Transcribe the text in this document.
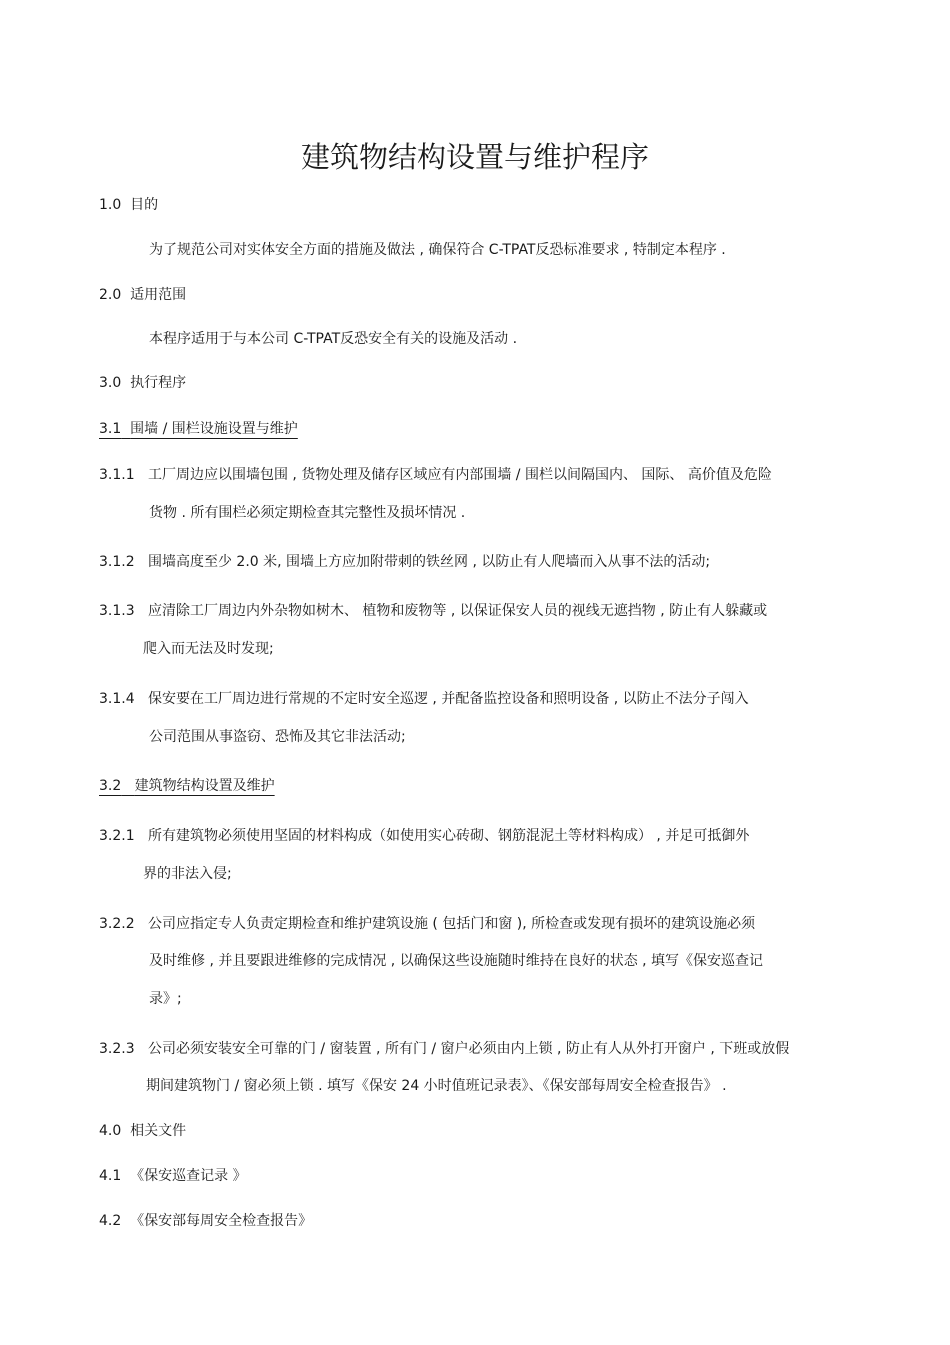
建筑物结构设置与维护程序
1.0 目的
为了规范公司对实体安全方面的措施及做法 , 确保符合 C-TPAT反恐标准要求 , 特制定本程序 .
2.0 适用范围
本程序适用于与本公司 C-TPAT反恐安全有关的设施及活动 .
3.0 执行程序
3.1 围墙 / 围栏设施设置与维护
3.1.1 工厂周边应以围墙包围 , 货物处理及储存区域应有内部围墙 / 围栏以间隔国内、 国际、 高价值及危险
货物 . 所有围栏必须定期检查其完整性及损坏情况 .
3.1.2 围墙高度至少 2.0 米, 围墙上方应加附带刺的铁丝网 , 以防止有人爬墙而入从事不法的活动;
3.1.3 应清除工厂周边内外杂物如树木、 植物和废物等 , 以保证保安人员的视线无遮挡物 , 防止有人躲藏或
爬入而无法及时发现;
3.1.4 保安要在工厂周边进行常规的不定时安全巡逻 , 并配备监控设备和照明设备 , 以防止不法分子闯入
公司范围从事盗窃、恐怖及其它非法活动;
3.2 建筑物结构设置及维护
3.2.1 所有建筑物必须使用坚固的材料构成（如使用实心砖砌、钢筋混泥土等材料构成） , 并足可抵御外
界的非法入侵;
3.2.2 公司应指定专人负责定期检查和维护建筑设施 ( 包括门和窗 ), 所检查或发现有损坏的建筑设施必须
及时维修 , 并且要跟进维修的完成情况 , 以确保这些设施随时维持在良好的状态 , 填写《保安巡查记
录》;
3.2.3 公司必须安装安全可靠的门 / 窗装置 , 所有门 / 窗户必须由内上锁 , 防止有人从外打开窗户 , 下班或放假
期间建筑物门 / 窗必须上锁 . 填写《保安 24 小时值班记录表》、《保安部每周安全检查报告》 .
4.0 相关文件
4.1 《保安巡查记录 》
4.2 《保安部每周安全检查报告》
